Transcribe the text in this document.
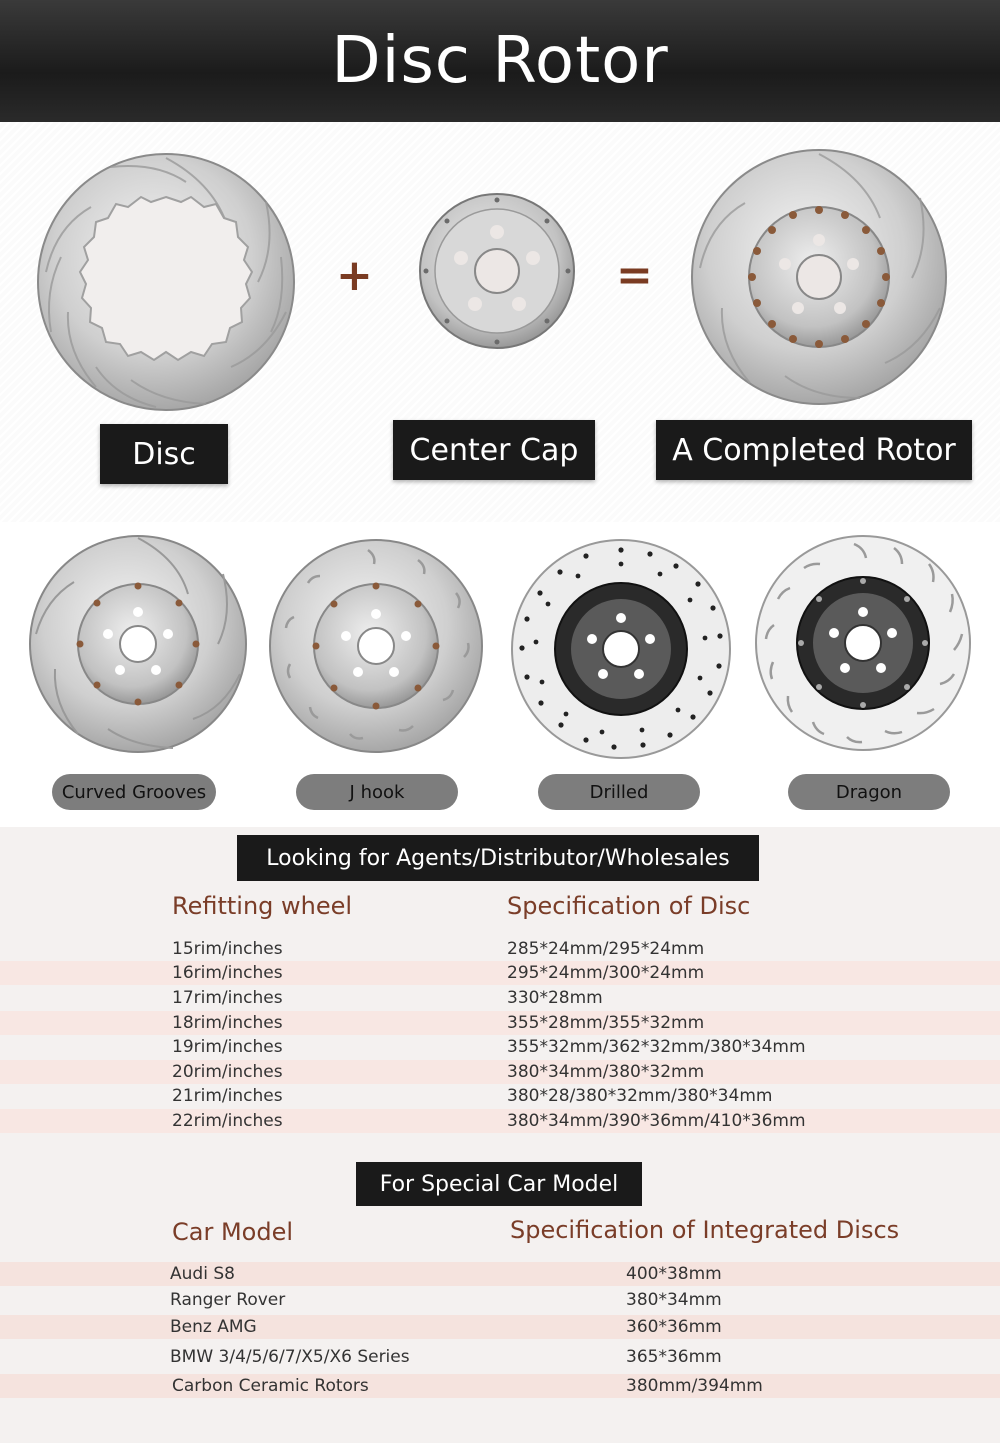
Disc Rotor
+	=
Disc	Center Cap	A Completed Rotor
Curved Grooves	J hook	Drilled	Dragon
Looking for Agents/Distributor/Wholesales
Refitting wheel	Specification of Disc
15rim/inches	285*24mm/295*24mm
16rim/inches	295*24mm/300*24mm
17rim/inches	330*28mm
18rim/inches	355*28mm/355*32mm
19rim/inches	355*32mm/362*32mm/380*34mm
20rim/inches	380*34mm/380*32mm
21rim/inches	380*28/380*32mm/380*34mm
22rim/inches	380*34mm/390*36mm/410*36mm
For Special Car Model
Car Model	Specification of Integrated Discs
Audi S8	400*38mm
Ranger Rover	380*34mm
Benz AMG	360*36mm
BMW 3/4/5/6/7/X5/X6 Series	365*36mm
Carbon Ceramic Rotors	380mm/394mm
